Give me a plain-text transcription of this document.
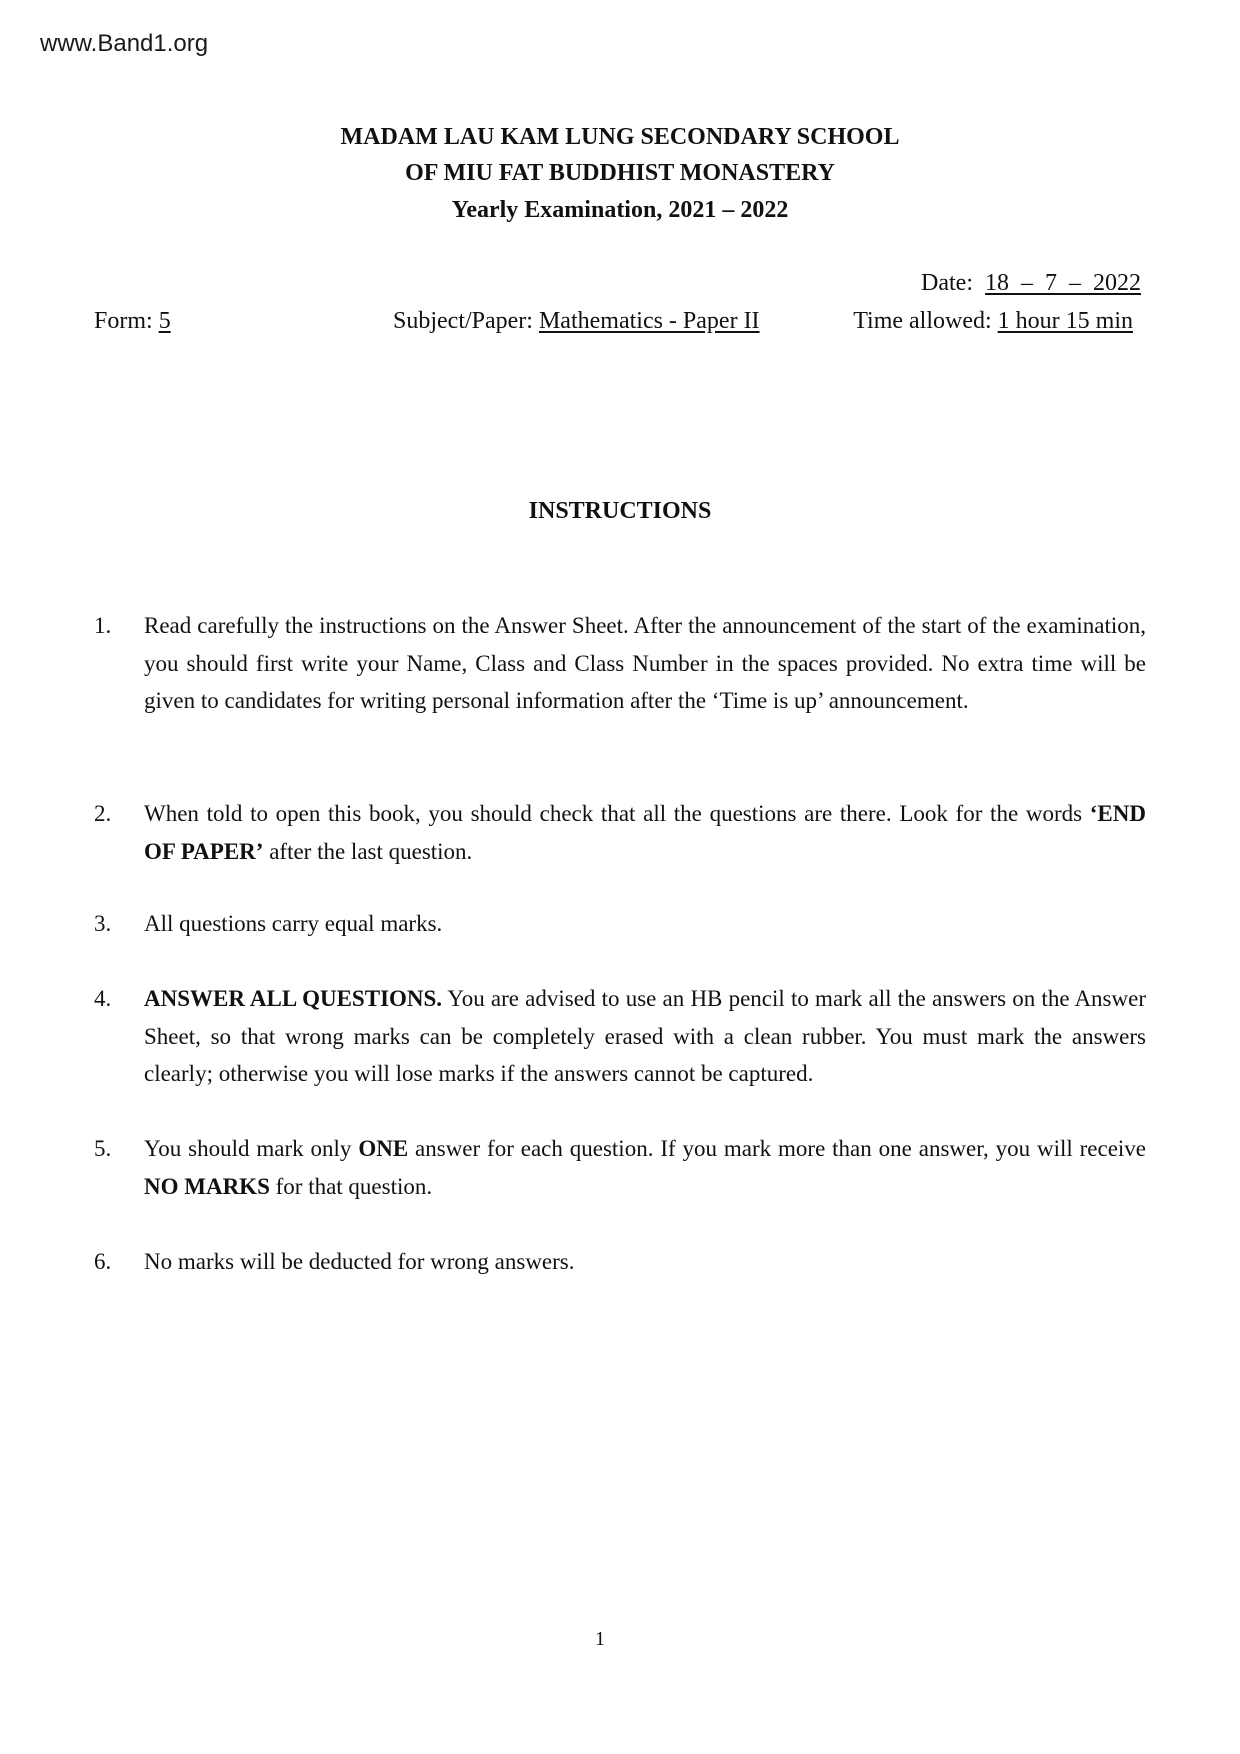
www.Band1.org
MADAM LAU KAM LUNG SECONDARY SCHOOL
OF MIU FAT BUDDHIST MONASTERY
Yearly Examination, 2021 – 2022
Date: 18  –  7  –  2022
Form: 5	Subject/Paper: Mathematics - Paper II	Time allowed: 1 hour 15 min
INSTRUCTIONS
1. Read carefully the instructions on the Answer Sheet. After the announcement of the start of the examination, you should first write your Name, Class and Class Number in the spaces provided. No extra time will be given to candidates for writing personal information after the ‘Time is up’ announcement.
2. When told to open this book, you should check that all the questions are there. Look for the words ‘END OF PAPER’ after the last question.
3. All questions carry equal marks.
4. ANSWER ALL QUESTIONS. You are advised to use an HB pencil to mark all the answers on the Answer Sheet, so that wrong marks can be completely erased with a clean rubber. You must mark the answers clearly; otherwise you will lose marks if the answers cannot be captured.
5. You should mark only ONE answer for each question. If you mark more than one answer, you will receive NO MARKS for that question.
6. No marks will be deducted for wrong answers.
1
